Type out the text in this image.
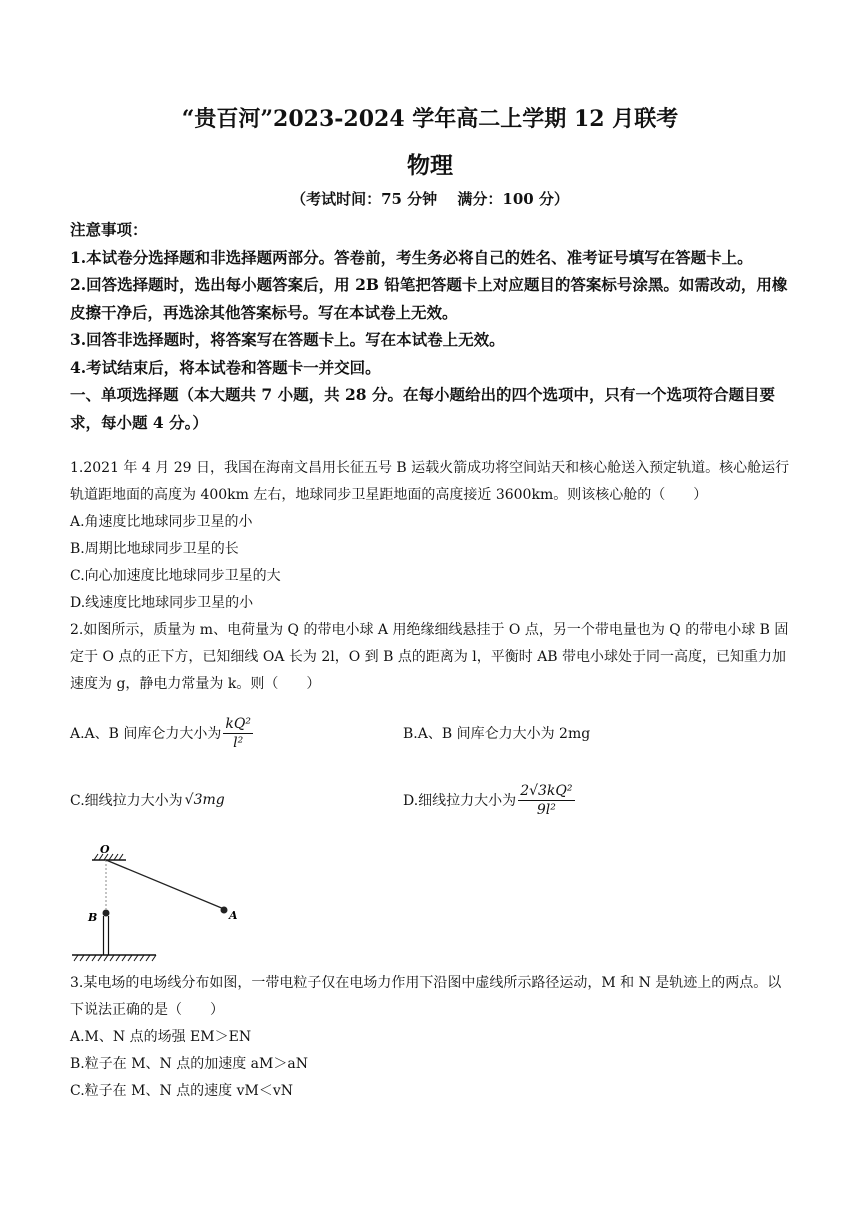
“贵百河”2023-2024 学年高二上学期 12 月联考
物理
（考试时间：75 分钟　 满分：100 分）

注意事项：

1.本试卷分选择题和非选择题两部分。答卷前，考生务必将自己的姓名、准考证号填写在答题卡上。

2.回答选择题时，选出每小题答案后，用 2B 铅笔把答题卡上对应题目的答案标号涂黑。如需改动，用橡皮擦干净后，再选涂其他答案标号。写在本试卷上无效。

3.回答非选择题时，将答案写在答题卡上。写在本试卷上无效。

4.考试结束后，将本试卷和答题卡一并交回。

一、单项选择题（本大题共 7 小题，共 28 分。在每小题给出的四个选项中，只有一个选项符合题目要求，每小题 4 分。）

1.2021 年 4 月 29 日，我国在海南文昌用长征五号 B 运载火箭成功将空间站天和核心舱送入预定轨道。核心舱运行轨道距地面的高度为 400km 左右，地球同步卫星距地面的高度接近 3600km。则该核心舱的（　　）

A.角速度比地球同步卫星的小

B.周期比地球同步卫星的长

C.向心加速度比地球同步卫星的大

D.线速度比地球同步卫星的小

2.如图所示，质量为 m、电荷量为 Q 的带电小球 A 用绝缘细线悬挂于 O 点，另一个带电量也为 Q 的带电小球 B 固定于 O 点的正下方，已知细线 OA 长为 2l，O 到 B 点的距离为 l，平衡时 AB 带电小球处于同一高度，已知重力加速度为 g，静电力常量为 k。则（　　）

A.A、B 间库仑力大小为 $\frac{\text{kQ²}}{\text{l²}}$	B.A、B 间库仑力大小为 2mg
C.细线拉力大小为 √3mg	D.细线拉力大小为 $\frac{\text{2√3kQ²}}{\text{9l²}}$
O
A
B

3.某电场的电场线分布如图，一带电粒子仅在电场力作用下沿图中虚线所示路径运动，M 和 N 是轨迹上的两点。以下说法正确的是（　　）

A.M、N 点的场强 EM＞EN

B.粒子在 M、N 点的加速度 aM＞aN

C.粒子在 M、N 点的速度 vM＜vN
